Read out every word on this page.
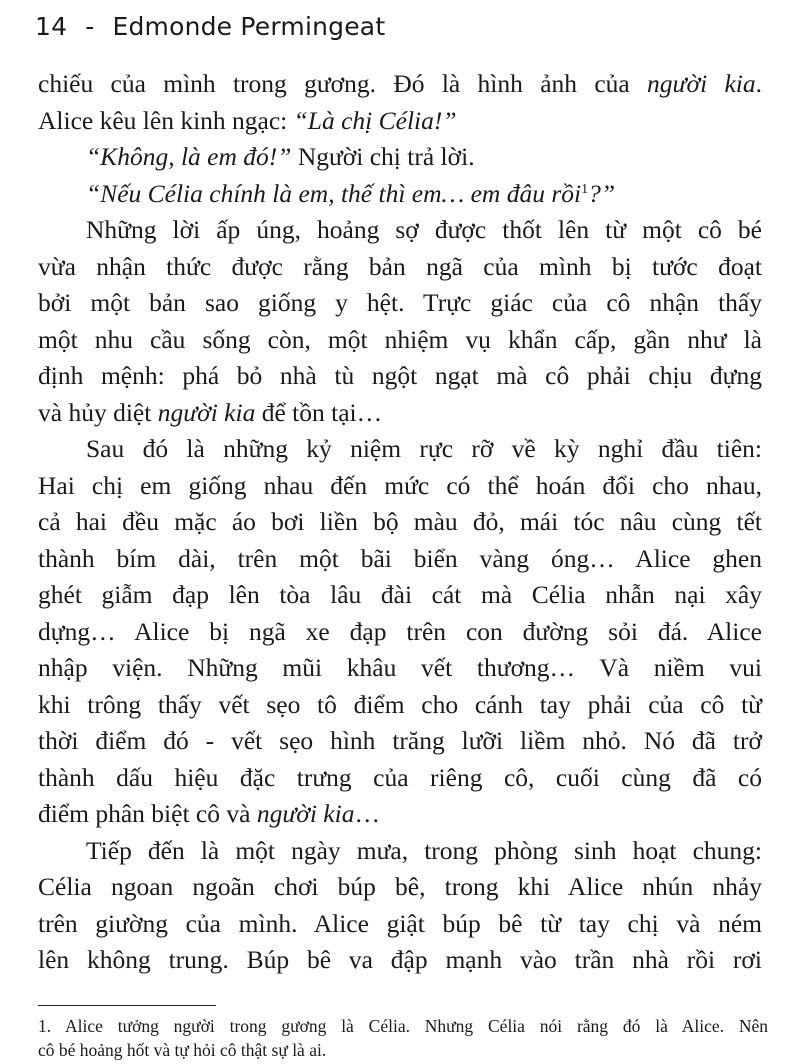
14 - Edmonde Permingeat
chiếu của mình trong gương. Đó là hình ảnh của người kia.
Alice kêu lên kinh ngạc: “Là chị Célia!”
“Không, là em đó!” Người chị trả lời.
“Nếu Célia chính là em, thế thì em… em đâu rồi$^1$?”
Những lời ấp úng, hoảng sợ được thốt lên từ một cô bé
vừa nhận thức được rằng bản ngã của mình bị tước đoạt
bởi một bản sao giống y hệt. Trực giác của cô nhận thấy
một nhu cầu sống còn, một nhiệm vụ khẩn cấp, gần như là
định mệnh: phá bỏ nhà tù ngột ngạt mà cô phải chịu đựng
và hủy diệt người kia để tồn tại…
Sau đó là những kỷ niệm rực rỡ về kỳ nghỉ đầu tiên:
Hai chị em giống nhau đến mức có thể hoán đổi cho nhau,
cả hai đều mặc áo bơi liền bộ màu đỏ, mái tóc nâu cùng tết
thành bím dài, trên một bãi biển vàng óng… Alice ghen
ghét giẫm đạp lên tòa lâu đài cát mà Célia nhẫn nại xây
dựng… Alice bị ngã xe đạp trên con đường sỏi đá. Alice
nhập viện. Những mũi khâu vết thương… Và niềm vui
khi trông thấy vết sẹo tô điểm cho cánh tay phải của cô từ
thời điểm đó - vết sẹo hình trăng lưỡi liềm nhỏ. Nó đã trở
thành dấu hiệu đặc trưng của riêng cô, cuối cùng đã có
điểm phân biệt cô và người kia…
Tiếp đến là một ngày mưa, trong phòng sinh hoạt chung:
Célia ngoan ngoãn chơi búp bê, trong khi Alice nhún nhảy
trên giường của mình. Alice giật búp bê từ tay chị và ném
lên không trung. Búp bê va đập mạnh vào trần nhà rồi rơi
1. Alice tưởng người trong gương là Célia. Nhưng Célia nói rằng đó là Alice. Nên
cô bé hoảng hốt và tự hỏi cô thật sự là ai.
